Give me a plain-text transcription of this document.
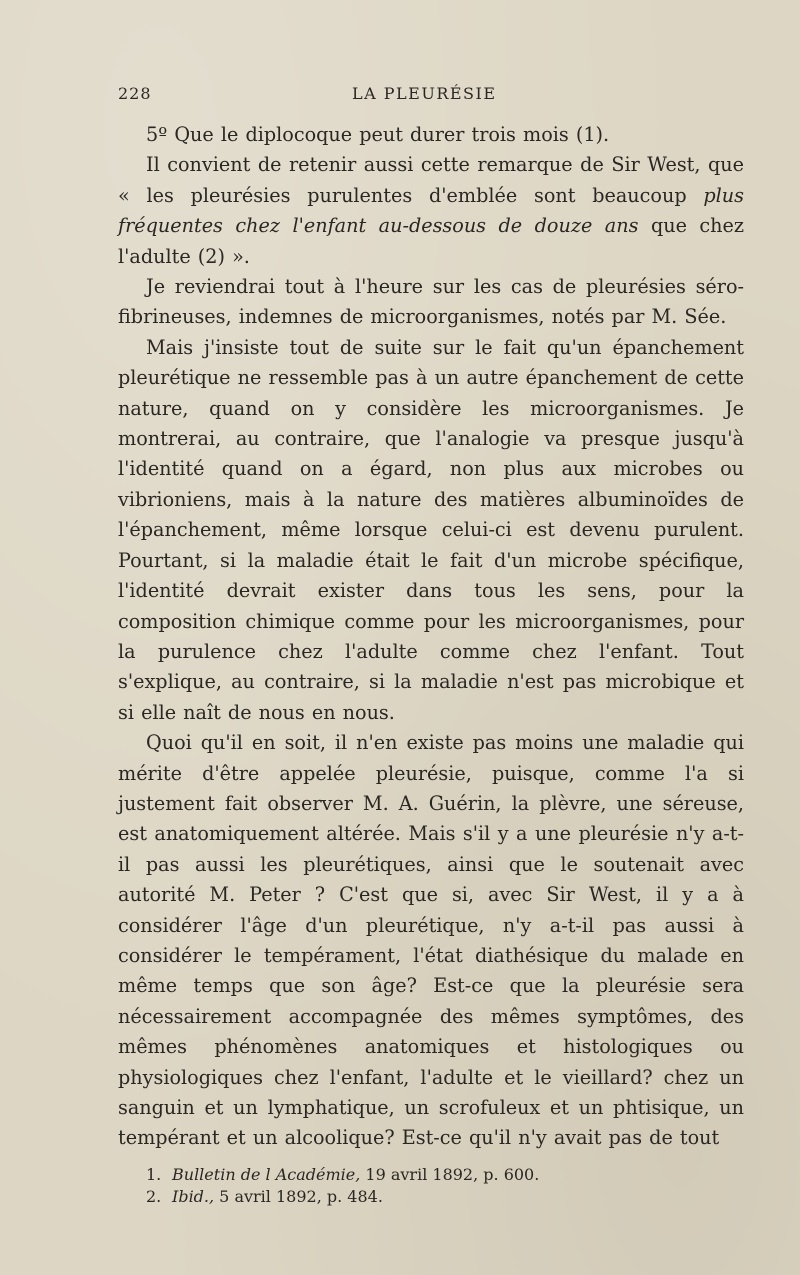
228	LA PLEURÉSIE

5º Que le diplocoque peut durer trois mois (1).

Il convient de retenir aussi cette remarque de Sir West, que « les pleurésies purulentes d'emblée sont beaucoup plus fréquentes chez l'enfant au-dessous de douze ans que chez l'adulte (2) ».

Je reviendrai tout à l'heure sur les cas de pleurésies séro-fibrineuses, indemnes de microorganismes, notés par M. Sée.

Mais j'insiste tout de suite sur le fait qu'un épanchement pleurétique ne ressemble pas à un autre épanchement de cette nature, quand on y considère les microorganismes. Je montrerai, au contraire, que l'analogie va presque jusqu'à l'identité quand on a égard, non plus aux microbes ou vibrioniens, mais à la nature des matières albuminoïdes de l'épanchement, même lorsque celui-ci est devenu purulent. Pourtant, si la maladie était le fait d'un microbe spécifique, l'identité devrait exister dans tous les sens, pour la composition chimique comme pour les microorganismes, pour la purulence chez l'adulte comme chez l'enfant. Tout s'explique, au contraire, si la maladie n'est pas microbique et si elle naît de nous en nous.

Quoi qu'il en soit, il n'en existe pas moins une maladie qui mérite d'être appelée pleurésie, puisque, comme l'a si justement fait observer M. A. Guérin, la plèvre, une séreuse, est anatomiquement altérée. Mais s'il y a une pleurésie n'y a-t-il pas aussi les pleurétiques, ainsi que le soutenait avec autorité M. Peter ? C'est que si, avec Sir West, il y a à considérer l'âge d'un pleurétique, n'y a-t-il pas aussi à considérer le tempérament, l'état diathésique du malade en même temps que son âge? Est-ce que la pleurésie sera nécessairement accompagnée des mêmes symptômes, des mêmes phénomènes anatomiques et histologiques ou physiologiques chez l'enfant, l'adulte et le vieillard? chez un sanguin et un lymphatique, un scrofuleux et un phtisique, un tempérant et un alcoolique? Est-ce qu'il n'y avait pas de tout

1. Bulletin de l Académie, 19 avril 1892, p. 600.
2. Ibid., 5 avril 1892, p. 484.
